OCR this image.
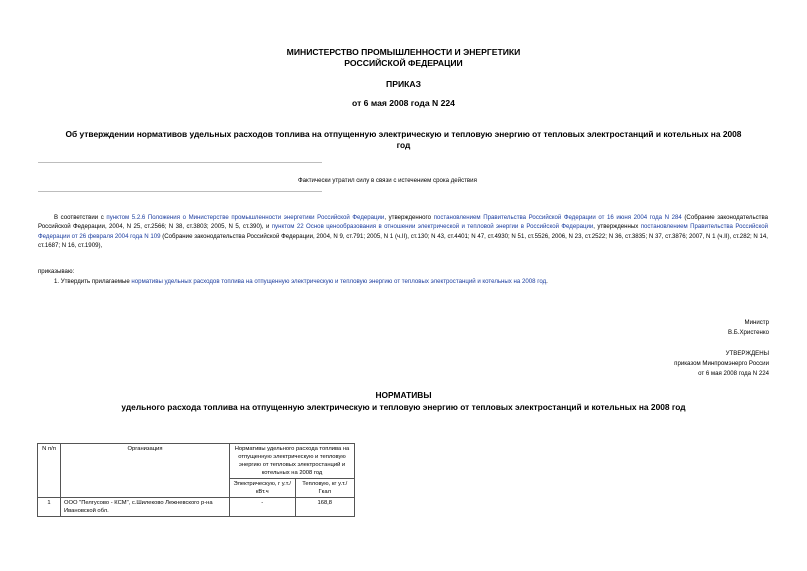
МИНИСТЕРСТВО ПРОМЫШЛЕННОСТИ И ЭНЕРГЕТИКИ
РОССИЙСКОЙ ФЕДЕРАЦИИ
ПРИКАЗ
от 6 мая 2008 года N 224
Об утверждении нормативов удельных расходов топлива на отпущенную электрическую и тепловую энергию от тепловых электростанций и котельных на 2008
год
Фактически утратил силу в связи с истечением срока действия
В соответствии с пунктом 5.2.6 Положения о Министерстве промышленности энергетики Российской Федерации, утвержденного постановлением Правительства Российской Федерации от 16 июня 2004 года N 284 (Собрание законодательства Российской Федерации, 2004, N 25, ст.2566; N 38, ст.3803; 2005, N 5, ст.390), и пунктом 22 Основ ценообразования в отношении электрической и тепловой энергии в Российской Федерации, утвержденных постановлением Правительства Российской Федерации от 26 февраля 2004 года N 109 (Собрание законодательства Российской Федерации, 2004, N 9, ст.791; 2005, N 1 (ч.II), ст.130; N 43, ст.4401; N 47, ст.4930; N 51, ст.5526, 2006, N 23, ст.2522; N 36, ст.3835; N 37, ст.3876; 2007, N 1 (ч.II), ст.282; N 14, ст.1687; N 16, ст.1909),
приказываю:
1. Утвердить прилагаемые нормативы удельных расходов топлива на отпущенную электрическую и тепловую энергию от тепловых электростанций и котельных на 2008 год.
Министр
В.Б.Христенко
УТВЕРЖДЕНЫ
приказом Минпромэнерго России
от 6 мая 2008 года N 224
НОРМАТИВЫ
удельного расхода топлива на отпущенную электрическую и тепловую энергию от тепловых электростанций и котельных на 2008 год
N п/п	Организация	Нормативы удельного расхода топлива на отпущенную электрическую и тепловую энергию от тепловых электростанций и котельных на 2008 год	
		Электрическую, г у.т./кВт.ч	Тепловую, кг у.т./Гкал
1	ООО "Пелгусово - КСМ", с.Шилеково Лежневского р-на Ивановской обл.	-	168,8
